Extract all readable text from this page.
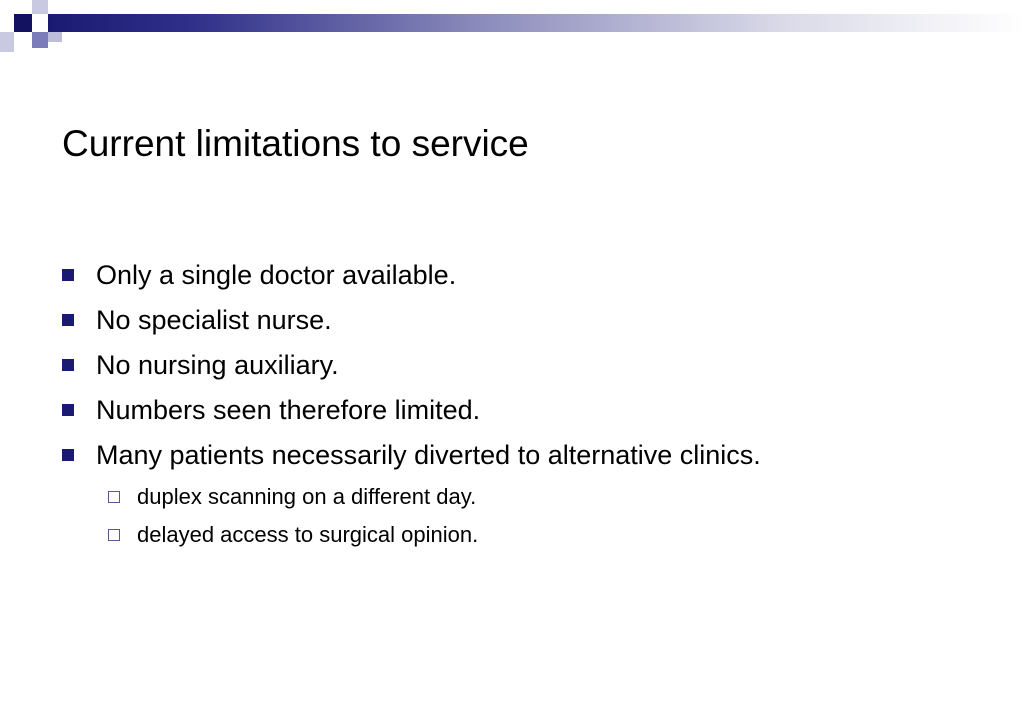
Current limitations to service
Only a single doctor available.
No specialist nurse.
No nursing auxiliary.
Numbers seen therefore limited.
Many patients necessarily diverted to alternative clinics.
duplex scanning on a different day.
delayed access to surgical opinion.
